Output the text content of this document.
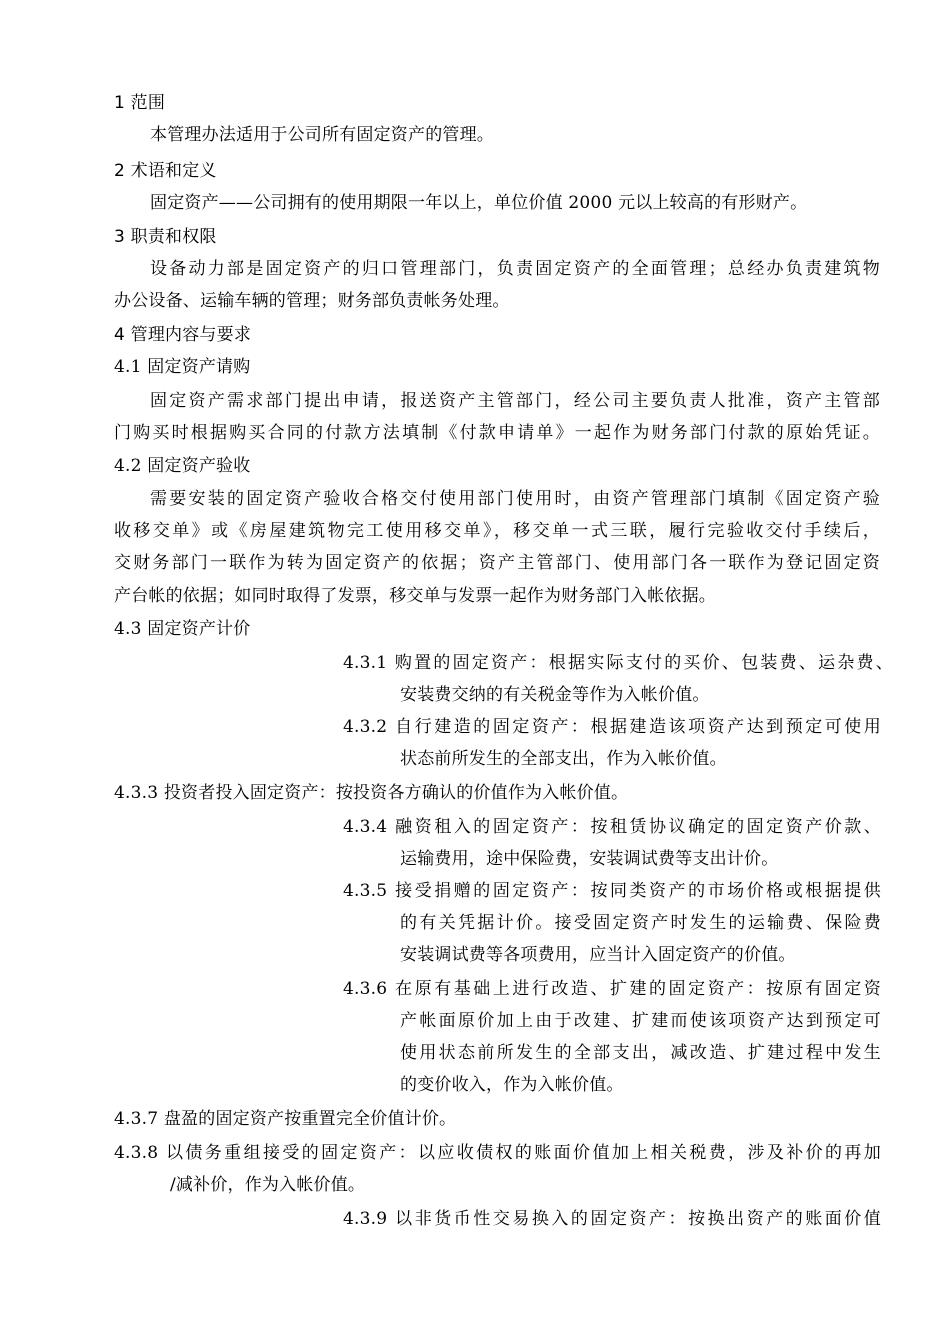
1 范围
本管理办法适用于公司所有固定资产的管理。
2 术语和定义
固定资产——公司拥有的使用期限一年以上，单位价值 2000 元以上较高的有形财产。
3 职责和权限
设备动力部是固定资产的归口管理部门，负责固定资产的全面管理；总经办负责建筑物
办公设备、运输车辆的管理；财务部负责帐务处理。
4 管理内容与要求
4.1 固定资产请购
固定资产需求部门提出申请，报送资产主管部门，经公司主要负责人批准，资产主管部
门购买时根据购买合同的付款方法填制《付款申请单》一起作为财务部门付款的原始凭证。
4.2 固定资产验收
需要安装的固定资产验收合格交付使用部门使用时，由资产管理部门填制《固定资产验
收移交单》或《房屋建筑物完工使用移交单》，移交单一式三联，履行完验收交付手续后，
交财务部门一联作为转为固定资产的依据；资产主管部门、使用部门各一联作为登记固定资
产台帐的依据；如同时取得了发票，移交单与发票一起作为财务部门入帐依据。
4.3 固定资产计价
4.3.1 购置的固定资产：根据实际支付的买价、包装费、运杂费、
安装费交纳的有关税金等作为入帐价值。
4.3.2 自行建造的固定资产：根据建造该项资产达到预定可使用
状态前所发生的全部支出，作为入帐价值。
4.3.3 投资者投入固定资产：按投资各方确认的价值作为入帐价值。
4.3.4 融资租入的固定资产：按租赁协议确定的固定资产价款、
运输费用，途中保险费，安装调试费等支出计价。
4.3.5 接受捐赠的固定资产：按同类资产的市场价格或根据提供
的有关凭据计价。接受固定资产时发生的运输费、保险费
安装调试费等各项费用，应当计入固定资产的价值。
4.3.6 在原有基础上进行改造、扩建的固定资产：按原有固定资
产帐面原价加上由于改建、扩建而使该项资产达到预定可
使用状态前所发生的全部支出，减改造、扩建过程中发生
的变价收入，作为入帐价值。
4.3.7 盘盈的固定资产按重置完全价值计价。
4.3.8 以债务重组接受的固定资产：以应收债权的账面价值加上相关税费，涉及补价的再加
/减补价，作为入帐价值。
4.3.9 以非货币性交易换入的固定资产：按换出资产的账面价值
